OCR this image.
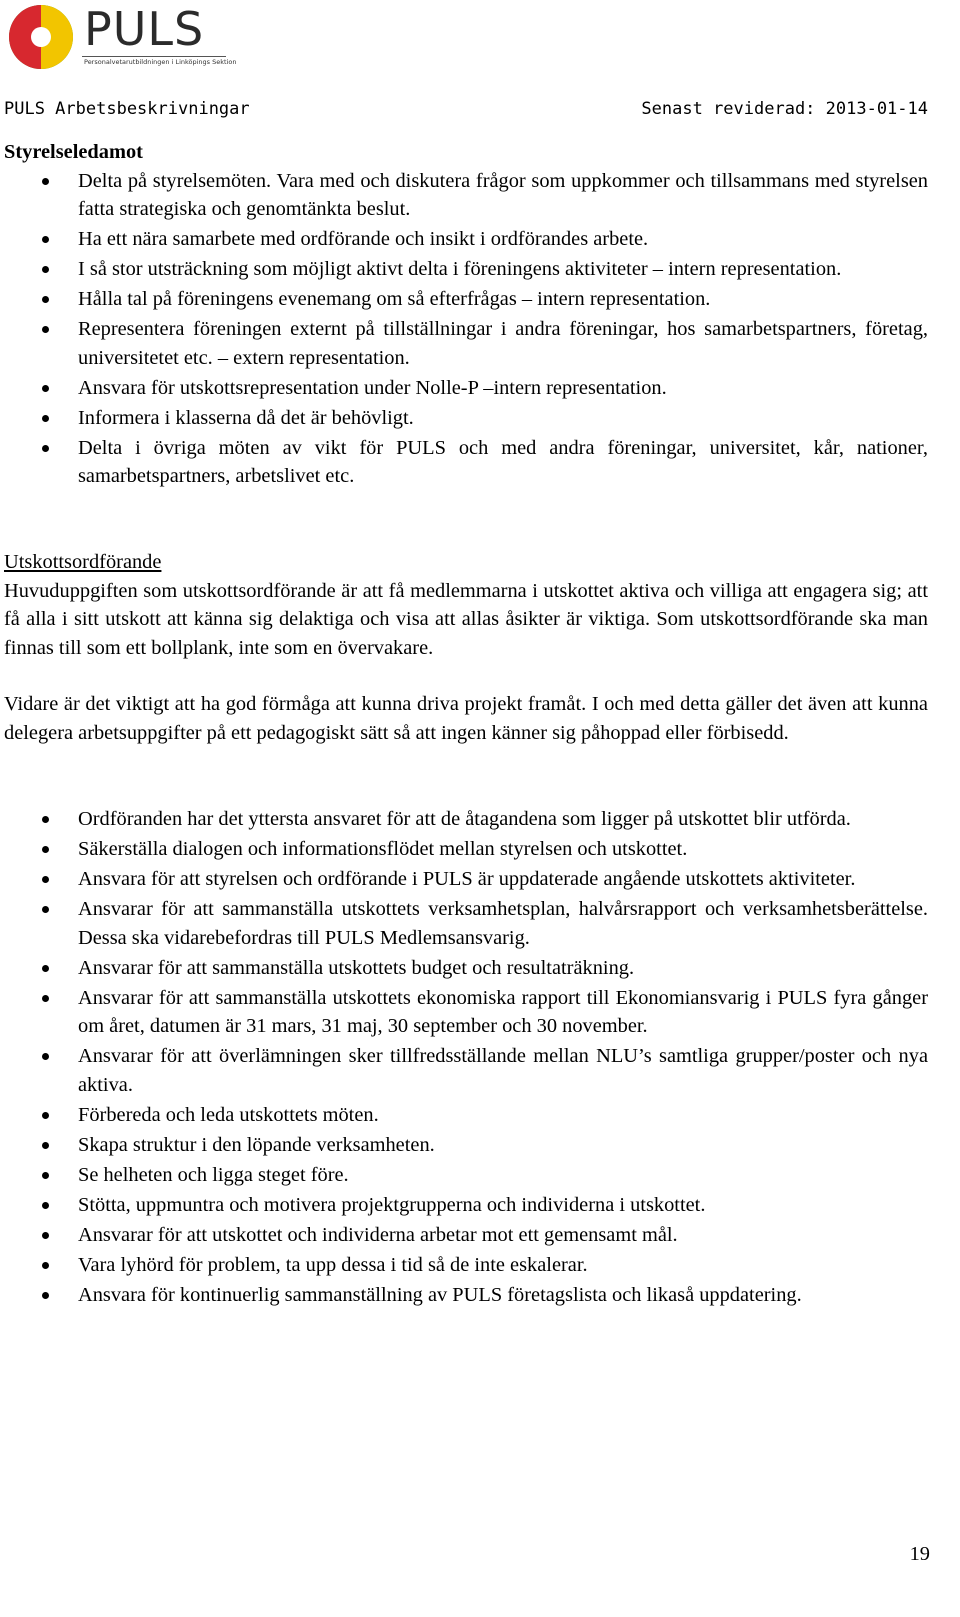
PULS
Personalvetarutbildningen i Linköpings Sektion
PULS Arbetsbeskrivningar	Senast reviderad: 2013-01-14
Styrelseledamot
Delta på styrelsemöten. Vara med och diskutera frågor som uppkommer och tillsammans med styrelsen fatta strategiska och genomtänkta beslut.
Ha ett nära samarbete med ordförande och insikt i ordförandes arbete.
I så stor utsträckning som möjligt aktivt delta i föreningens aktiviteter – intern representation.
Hålla tal på föreningens evenemang om så efterfrågas – intern representation.
Representera föreningen externt på tillställningar i andra föreningar, hos samarbetspartners, företag, universitetet etc. – extern representation.
Ansvara för utskottsrepresentation under Nolle-P –intern representation.
Informera i klasserna då det är behövligt.
Delta i övriga möten av vikt för PULS och med andra föreningar, universitet, kår, nationer, samarbetspartners, arbetslivet etc.
Utskottsordförande

Huvuduppgiften som utskottsordförande är att få medlemmarna i utskottet aktiva och villiga att engagera sig; att få alla i sitt utskott att känna sig delaktiga och visa att allas åsikter är viktiga. Som utskottsordförande ska man finnas till som ett bollplank, inte som en övervakare.

Vidare är det viktigt att ha god förmåga att kunna driva projekt framåt. I och med detta gäller det även att kunna delegera arbetsuppgifter på ett pedagogiskt sätt så att ingen känner sig påhoppad eller förbisedd.

Ordföranden har det yttersta ansvaret för att de åtagandena som ligger på utskottet blir utförda.
Säkerställa dialogen och informationsflödet mellan styrelsen och utskottet.
Ansvara för att styrelsen och ordförande i PULS är uppdaterade angående utskottets aktiviteter.
Ansvarar för att sammanställa utskottets verksamhetsplan, halvårsrapport och verksamhetsberättelse. Dessa ska vidarebefordras till PULS Medlemsansvarig.
Ansvarar för att sammanställa utskottets budget och resultaträkning.
Ansvarar för att sammanställa utskottets ekonomiska rapport till Ekonomiansvarig i PULS fyra gånger om året, datumen är 31 mars, 31 maj, 30 september och 30 november.
Ansvarar för att överlämningen sker tillfredsställande mellan NLU’s samtliga grupper/poster och nya aktiva.
Förbereda och leda utskottets möten.
Skapa struktur i den löpande verksamheten.
Se helheten och ligga steget före.
Stötta, uppmuntra och motivera projektgrupperna och individerna i utskottet.
Ansvarar för att utskottet och individerna arbetar mot ett gemensamt mål.
Vara lyhörd för problem, ta upp dessa i tid så de inte eskalerar.
Ansvara för kontinuerlig sammanställning av PULS företagslista och likaså uppdatering.
19
